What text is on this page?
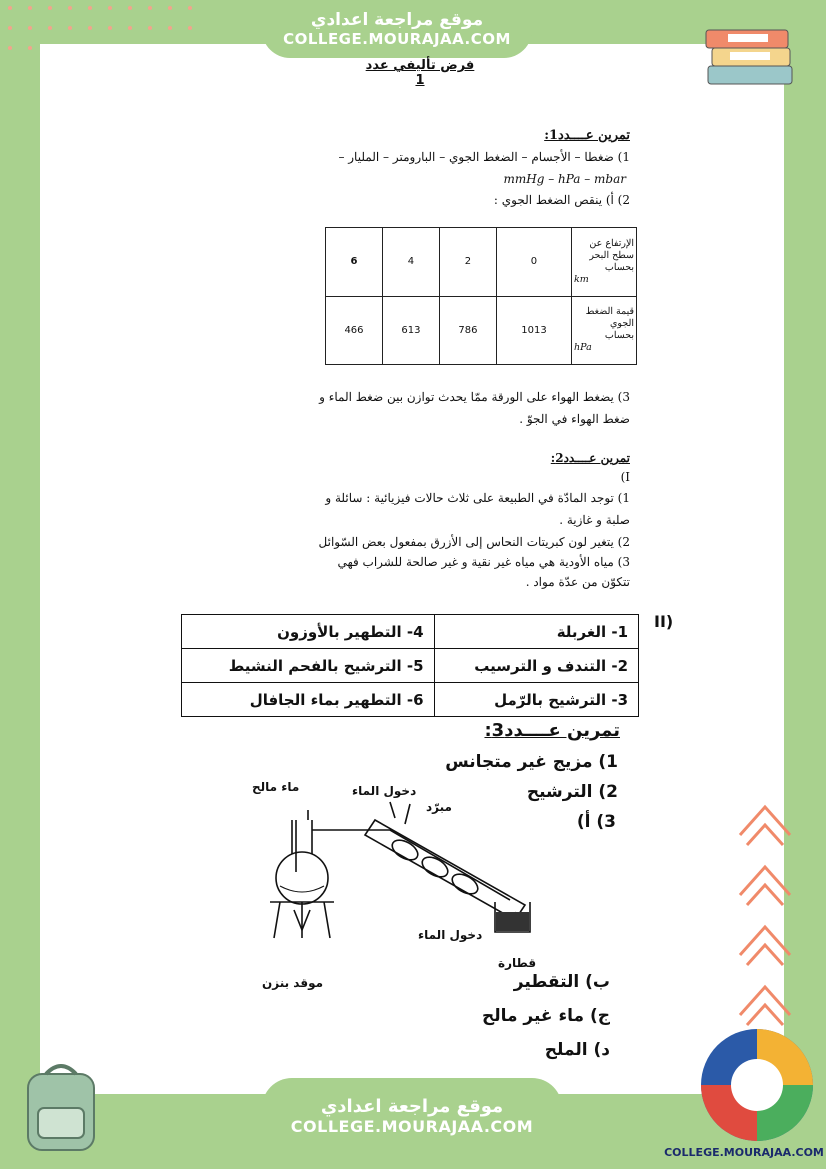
موقع مراجعة اعدادي
COLLEGE.MOURAJAA.COM
فرض تأليفي عدد 1
تمرين عــــدد1:
1) ضغطا – الأجسام – الضغط الجوي – البارومتر – المليار –
mmHg – hPa – mbar
2) أ) ينقص الضغط الجوي :
6	4	2	0	الإرتفاع عن
سطح البحر
بحساب
km

466	613	786	1013	قيمة الضغط
الجوي
بحساب
hPa
3) يضغط الهواء على الورقة ممّا يحدث توازن بين ضغط الماء و
ضغط الهواء في الجوّ .
تمرين عــــدد2:
I)
1) توجد المادّة في الطبيعة على ثلاث حالات فيزيائية : سائلة و
صلبة و غازية .
2) يتغير لون كبريتات النحاس إلى الأزرق بمفعول بعض السّوائل
3) مياه الأودية هي مياه غير نقية و غير صالحة للشراب فهي
تتكوّن من عدّة مواد .
II)
1- الغربلة	4- التطهير بالأوزون
2- التندف و الترسيب	5- الترشيح بالفحم النشيط
3- الترشيح بالرّمل	6- التطهير بماء الجافال
تمرين عــــدد3:
1) مزيج غير متجانس
2) الترشيح
3) أ)
ماء مالح	دخول الماء
مبرّد
دخول الماء
موقد بنزن
قطارة
ب) التقطير
ج) ماء غير مالح
د) الملح
موقع مراجعة اعدادي
COLLEGE.MOURAJAA.COM
COLLEGE.MOURAJAA.COM
